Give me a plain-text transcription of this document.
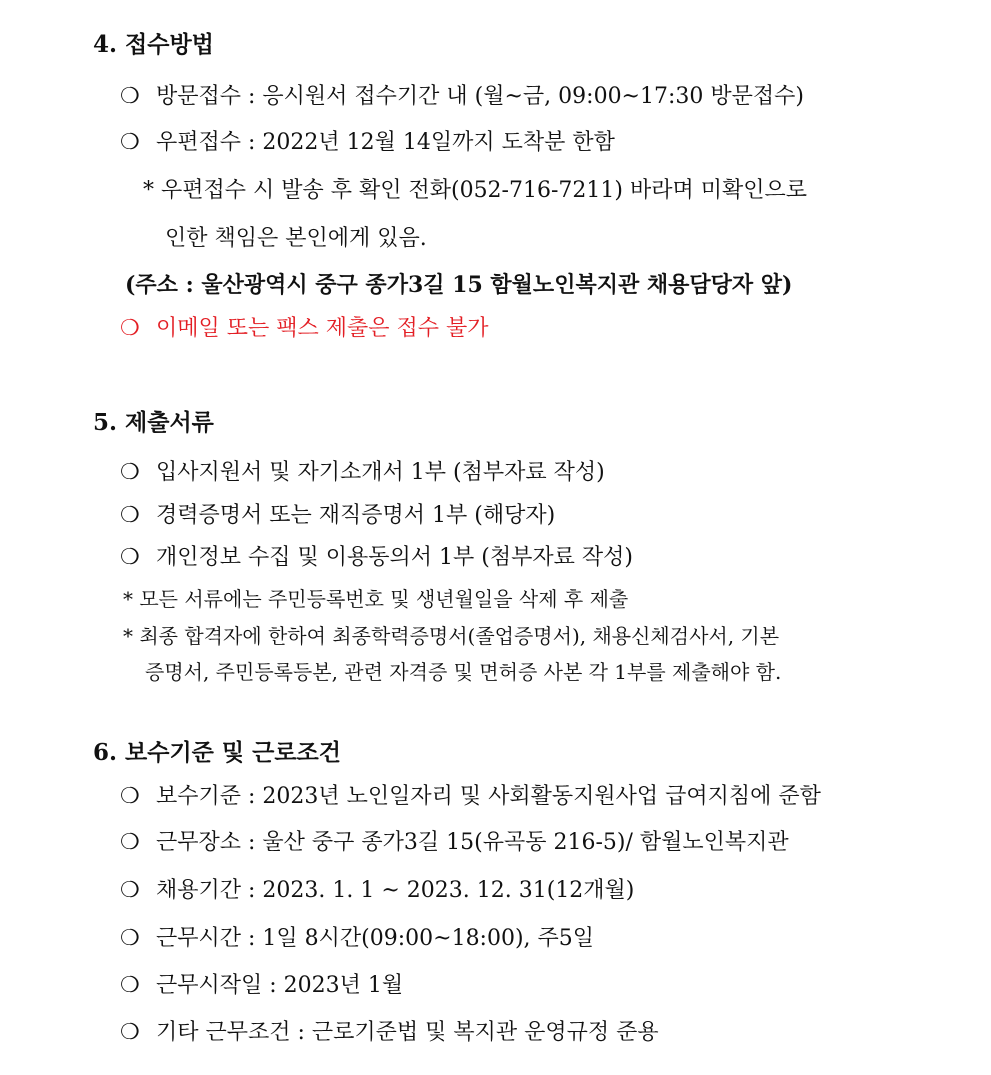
4. 접수방법
❍ 방문접수 : 응시원서 접수기간 내 (월~금, 09:00~17:30 방문접수)
❍ 우편접수 : 2022년 12월 14일까지 도착분 한함
* 우편접수 시 발송 후 확인 전화(052-716-7211) 바라며 미확인으로
인한 책임은 본인에게 있음.
(주소 : 울산광역시 중구 종가3길 15 함월노인복지관 채용담당자 앞)
❍ 이메일 또는 팩스 제출은 접수 불가
5. 제출서류
❍ 입사지원서 및 자기소개서 1부 (첨부자료 작성)
❍ 경력증명서 또는 재직증명서 1부 (해당자)
❍ 개인정보 수집 및 이용동의서 1부 (첨부자료 작성)
* 모든 서류에는 주민등록번호 및 생년월일을 삭제 후 제출
* 최종 합격자에 한하여 최종학력증명서(졸업증명서), 채용신체검사서, 기본
증명서, 주민등록등본, 관련 자격증 및 면허증 사본 각 1부를 제출해야 함.
6. 보수기준 및 근로조건
❍ 보수기준 : 2023년 노인일자리 및 사회활동지원사업 급여지침에 준함
❍ 근무장소 : 울산 중구 종가3길 15(유곡동 216-5)/ 함월노인복지관
❍ 채용기간 : 2023. 1. 1 ~ 2023. 12. 31(12개월)
❍ 근무시간 : 1일 8시간(09:00~18:00), 주5일
❍ 근무시작일 : 2023년 1월
❍ 기타 근무조건 : 근로기준법 및 복지관 운영규정 준용
